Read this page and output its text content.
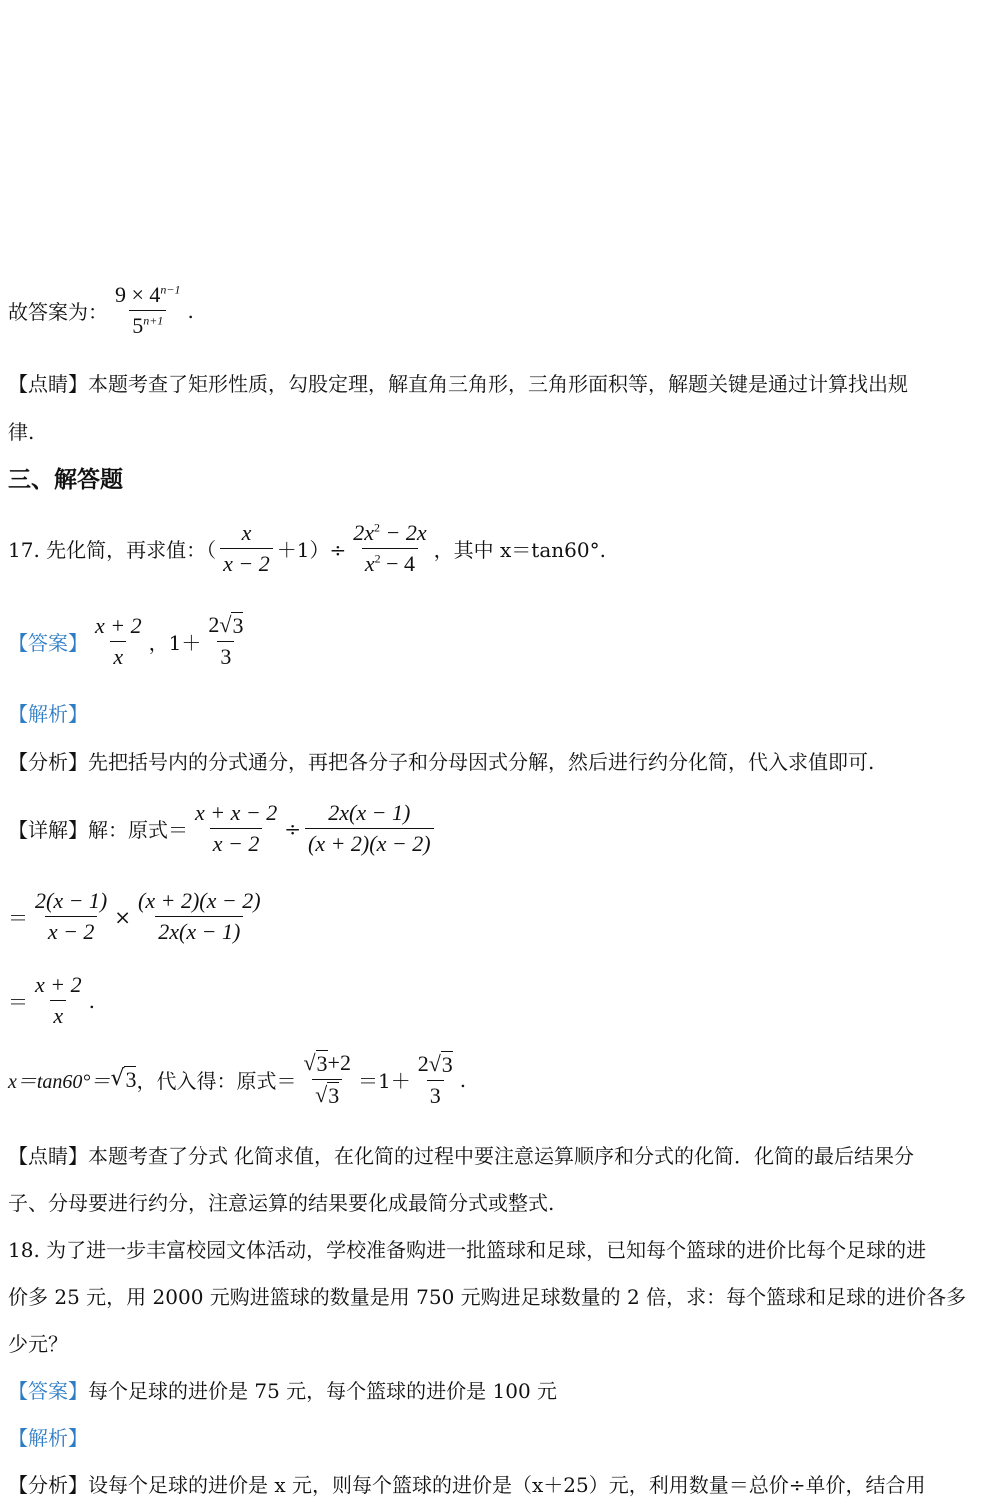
故答案为： $\frac{9 \times 4^{n-1}}{5^{n+1}}$ .
【点睛】本题考查了矩形性质，勾股定理，解直角三角形，三角形面积等，解题关键是通过计算找出规
律.
三、解答题
17. 先化简，再求值：（ $\frac{x}{x - 2} +1)\div \frac{2x^2 - 2x}{x^2 - 4}$ ，其中 x＝tan60°.
【答案】 $\frac{x + 2}{x}$ ，$1+ \frac{2 √ 3}{3}$
【解析】
【分析】先把括号内的分式通分，再把各分子和分母因式分解，然后进行约分化简，代入求值即可.
【详解】解：原式＝ $\frac{x + x - 2}{x - 2} \div \frac{2x(x - 1)}{(x + 2)(x - 2)}$
＝ $\frac{2(x - 1)}{x - 2} \times \frac{(x + 2)(x - 2)}{2x(x - 1)}$
＝ $\frac{x + 2}{x}$ .
x＝tan60°＝ √ 3 ，代入得：原式＝ $\frac{√ 3 +2}{√ 3} =1+ \frac{2 √ 3}{3}$ .
【点睛】本题考查了分式 化简求值，在化简的过程中要注意运算顺序和分式的化简．化简的最后结果分
子、分母要进行约分，注意运算的结果要化成最简分式或整式.
18. 为了进一步丰富校园文体活动，学校准备购进一批篮球和足球，已知每个篮球的进价比每个足球的进
价多 25 元，用 2000 元购进篮球的数量是用 750 元购进足球数量的 2 倍，求：每个篮球和足球的进价各多
少元？
【答案】 每个足球的进价是 75 元，每个篮球的进价是 100 元
【解析】
【分析】设每个足球的进价是 x 元，则每个篮球的进价是（x＋25）元，利用数量＝总价÷单价，结合用
